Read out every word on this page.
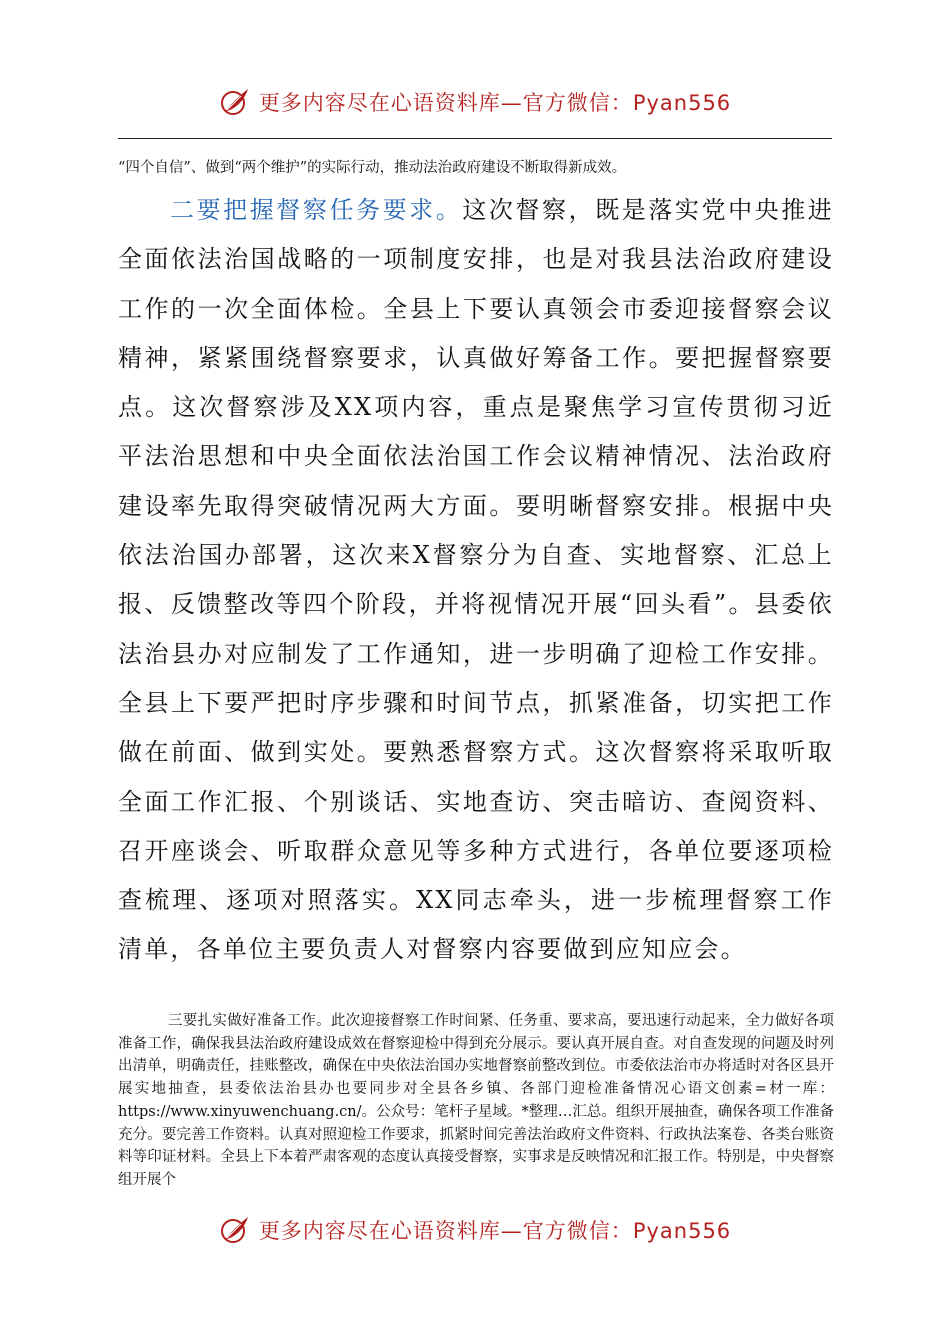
更多内容尽在心语资料库—官方微信：Pyan556
“四个自信”、做到“两个维护”的实际行动，推动法治政府建设不断取得新成效。

二要把握督察任务要求。这次督察，既是落实党中央推进全面依法治国战略的一项制度安排，也是对我县法治政府建设工作的一次全面体检。全县上下要认真领会市委迎接督察会议精神，紧紧围绕督察要求，认真做好筹备工作。要把握督察要点。这次督察涉及XX项内容，重点是聚焦学习宣传贯彻习近平法治思想和中央全面依法治国工作会议精神情况、法治政府建设率先取得突破情况两大方面。要明晰督察安排。根据中央依法治国办部署，这次来X督察分为自查、实地督察、汇总上报、反馈整改等四个阶段，并将视情况开展“回头看”。县委依法治县办对应制发了工作通知，进一步明确了迎检工作安排。全县上下要严把时序步骤和时间节点，抓紧准备，切实把工作做在前面、做到实处。要熟悉督察方式。这次督察将采取听取全面工作汇报、个别谈话、实地查访、突击暗访、查阅资料、召开座谈会、听取群众意见等多种方式进行，各单位要逐项检查梳理、逐项对照落实。XX同志牵头，进一步梳理督察工作清单，各单位主要负责人对督察内容要做到应知应会。

三要扎实做好准备工作。此次迎接督察工作时间紧、任务重、要求高，要迅速行动起来，全力做好各项准备工作，确保我县法治政府建设成效在督察迎检中得到充分展示。要认真开展自查。对自查发现的问题及时列出清单，明确责任，挂账整改，确保在中央依法治国办实地督察前整改到位。市委依法治市办将适时对各区县开展实地抽查，县委依法治县办也要同步对全县各乡镇、各部门迎检准备情况心语文创素=材一库：https://www.xinyuwenchuang.cn/。公众号：笔杆子星域。*整理…汇总。组织开展抽查，确保各项工作准备充分。要完善工作资料。认真对照迎检工作要求，抓紧时间完善法治政府文件资料、行政执法案卷、各类台账资料等印证材料。全县上下本着严肃客观的态度认真接受督察，实事求是反映情况和汇报工作。特别是，中央督察组开展个

更多内容尽在心语资料库—官方微信：Pyan556
